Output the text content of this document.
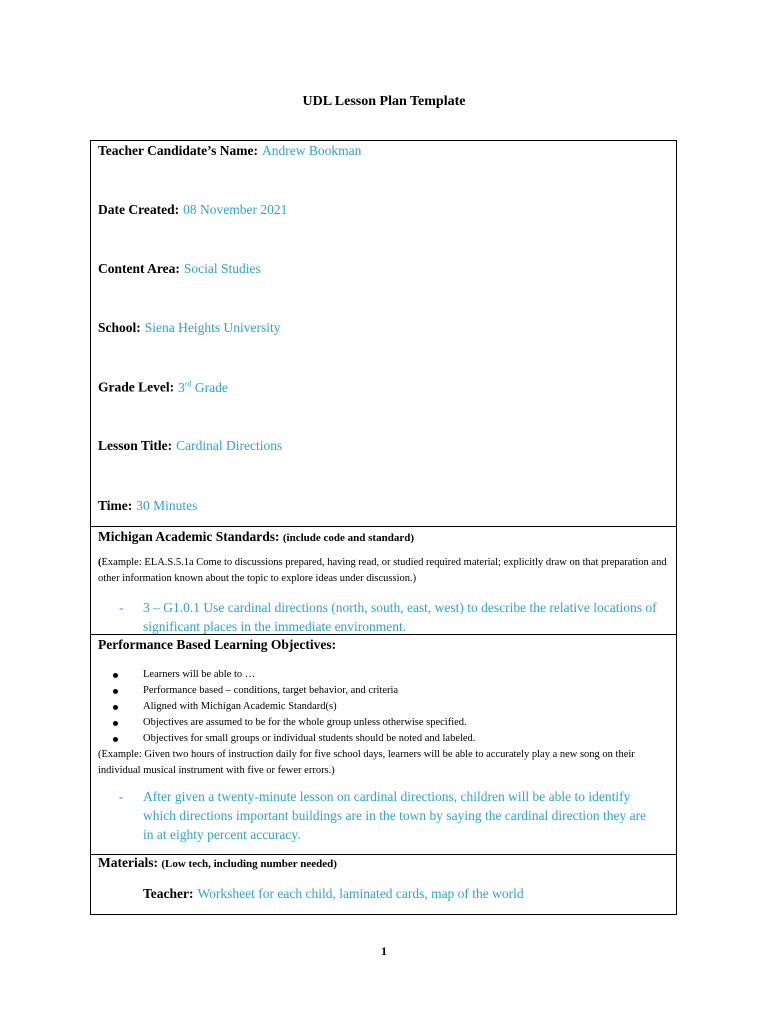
UDL Lesson Plan Template
Teacher Candidate’s Name: Andrew Bookman
Date Created: 08 November 2021
Content Area: Social Studies
School: Siena Heights University
Grade Level: 3rd Grade
Lesson Title: Cardinal Directions
Time: 30 Minutes
Michigan Academic Standards: (include code and standard)
(Example: ELA.S.5.1a Come to discussions prepared, having read, or studied required material; explicitly draw on that preparation and other information known about the topic to explore ideas under discussion.)
-	3 – G1.0.1 Use cardinal directions (north, south, east, west) to describe the relative locations of significant places in the immediate environment.
Performance Based Learning Objectives:
Learners will be able to …
Performance based – conditions, target behavior, and criteria
Aligned with Michigan Academic Standard(s)
Objectives are assumed to be for the whole group unless otherwise specified.
Objectives for small groups or individual students should be noted and labeled.
(Example: Given two hours of instruction daily for five school days, learners will be able to accurately play a new song on their individual musical instrument with five or fewer errors.)
-	After given a twenty-minute lesson on cardinal directions, children will be able to identify which directions important buildings are in the town by saying the cardinal direction they are in at eighty percent accuracy.
Materials: (Low tech, including number needed)
Teacher: Worksheet for each child, laminated cards, map of the world
1
